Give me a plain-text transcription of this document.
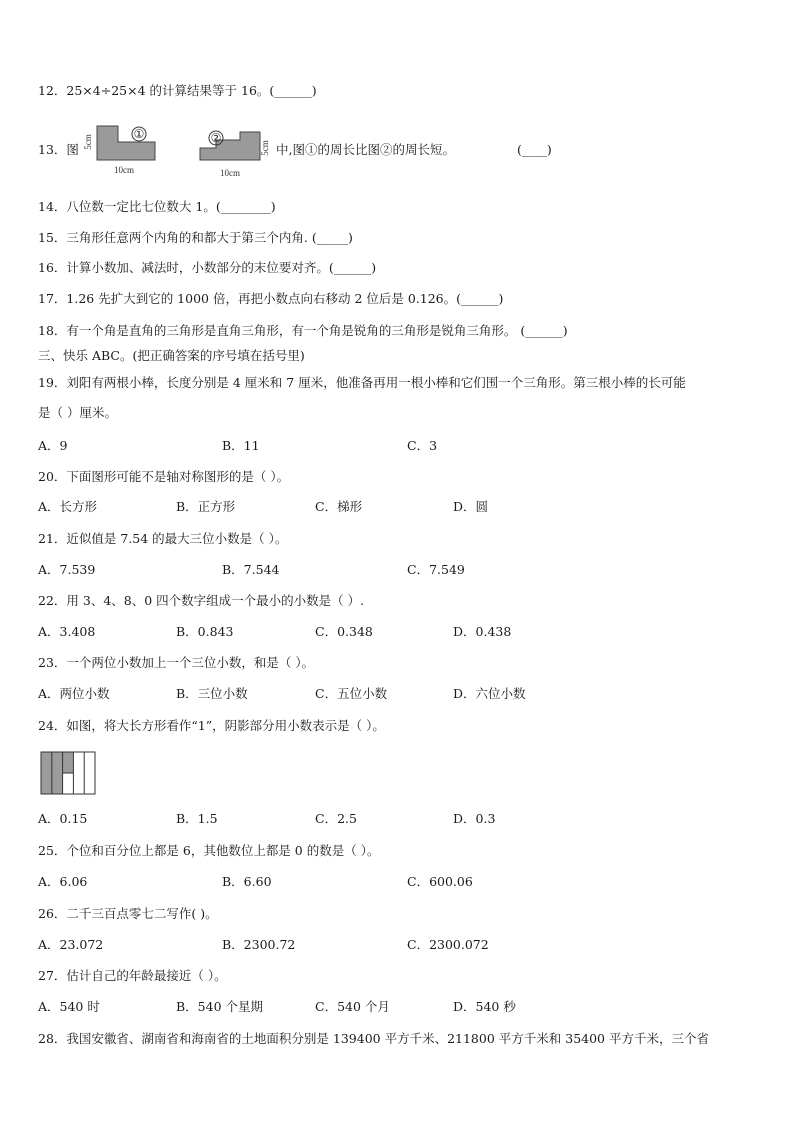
12．25×4÷25×4 的计算结果等于 16。(______)
13．图 5cm
①
10cm
②
5cm
10cm
中,图①的周长比图②的周长短。	(____)
14．八位数一定比七位数大 1。(________)
15．三角形任意两个内角的和都大于第三个内角. (_____)
16．计算小数加、减法时，小数部分的末位要对齐。(______)
17．1.26 先扩大到它的 1000 倍，再把小数点向右移动 2 位后是 0.126。(______)
18．有一个角是直角的三角形是直角三角形，有一个角是锐角的三角形是锐角三角形。 (______)
三、快乐 ABC。(把正确答案的序号填在括号里)
19．刘阳有两根小棒，长度分别是 4 厘米和 7 厘米，他准备再用一根小棒和它们围一个三角形。第三根小棒的长可能
是（ ）厘米。
A．9	B．11	C．3
20．下面图形可能不是轴对称图形的是（ ）。
A．长方形	B．正方形	C．梯形	D．圆
21．近似值是 7.54 的最大三位小数是（ ）。
A．7.539	B．7.544	C．7.549
22．用 3、4、8、0 四个数字组成一个最小的小数是（ ）.
A．3.408	B．0.843	C．0.348	D．0.438
23．一个两位小数加上一个三位小数，和是（ ）。
A．两位小数	B．三位小数	C．五位小数	D．六位小数
24．如图，将大长方形看作“1”，阴影部分用小数表示是（ ）。
A．0.15	B．1.5	C．2.5	D．0.3
25．个位和百分位上都是 6，其他数位上都是 0 的数是（ ）。
A．6.06	B．6.60	C．600.06
26．二千三百点零七二写作( )。
A．23.072	B．2300.72	C．2300.072
27．估计自己的年龄最接近（ ）。
A．540 时	B．540 个星期	C．540 个月	D．540 秒
28．我国安徽省、湖南省和海南省的土地面积分别是 139400 平方千米、211800 平方千米和 35400 平方千米，三个省
